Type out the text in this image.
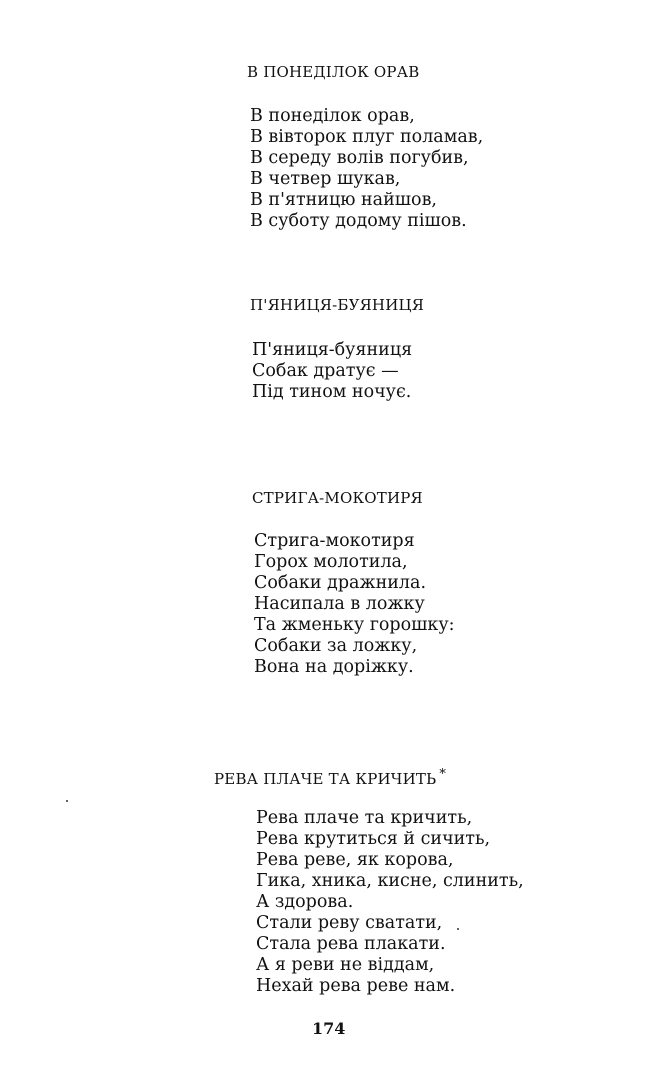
В ПОНЕДІЛОК ОРАВ
В понеділок орав,
В вівторок плуг поламав,
В середу волів погубив,
В четвер шукав,
В п'ятницю найшов,
В суботу додому пішов.
П'ЯНИЦЯ-БУЯНИЦЯ
П'яниця-буяниця
Собак дратує —
Під тином ночує.
СТРИГА-МОКОТИРЯ
Стрига-мокотиря
Горох молотила,
Собаки дражнила.
Насипала в ложку
Та жменьку горошку:
Собаки за ложку,
Вона на доріжку.
РЕВА ПЛАЧЕ ТА КРИЧИТЬ *
Рева плаче та кричить,
Рева крутиться й сичить,
Рева реве, як корова,
Гика, хника, кисне, слинить,
А здорова.
Стали реву сватати,
Стала рева плакати.
А я реви не віддам,
Нехай рева реве нам.
174
